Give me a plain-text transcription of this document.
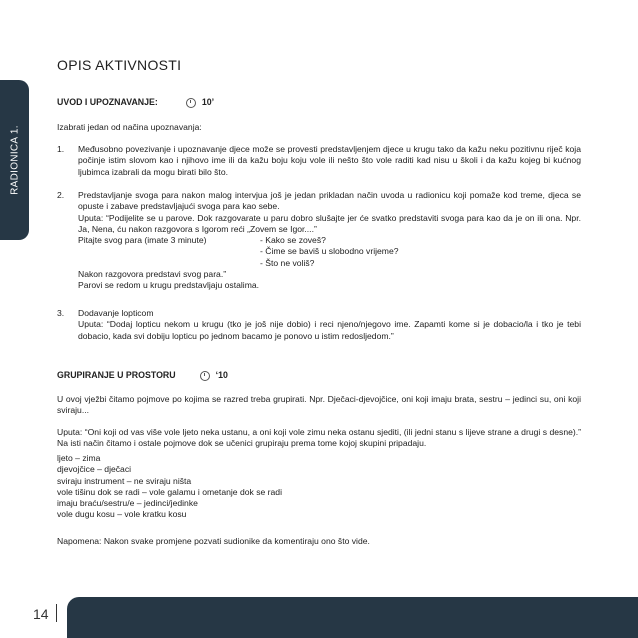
RADIONICA 1.
OPIS AKTIVNOSTI
UVOD I UPOZNAVANJE:	10’
Izabrati jedan od načina upoznavanja:
1.	Međusobno povezivanje i upoznavanje djece može se provesti predstavljenjem djece u krugu tako da kažu neku pozitivnu riječ koja počinje istim slovom kao i njihovo ime ili da kažu boju koju vole ili nešto što vole raditi kad nisu u školi i da kažu kojeg bi kućnog ljubimca izabrali da mogu birati bilo što.
2.	Predstavljanje svoga para nakon malog intervjua još je jedan prikladan način uvoda u radionicu koji pomaže kod treme, djeca se opuste i zabave predstavljajući svoga para kao sebe.
Uputa: “Podijelite se u parove. Dok razgovarate u paru dobro slušajte jer će svatko predstaviti svoga para kao da je on ili ona. Npr. Ja, Nena, ću nakon razgovora s Igorom reći „Zovem se Igor....”
Pitajte svog para (imate 3 minute)	- Kako se zoveš?
- Čime se baviš u slobodno vrijeme?
- Što ne voliš?
Nakon razgovora predstavi svog para.”
Parovi se redom u krugu predstavljaju ostalima.
3.	Dodavanje lopticom
Uputa: “Dodaj lopticu nekom u krugu (tko je još nije dobio) i reci njeno/njegovo ime. Zapamti kome si je dobacio/la i tko je tebi dobacio, kada svi dobiju lopticu po jednom bacamo je ponovo u istim redosljedom.”
GRUPIRANJE U PROSTORU	‘10
U ovoj vježbi čitamo pojmove po kojima se razred treba grupirati. Npr. Dječaci-djevojčice, oni koji imaju brata, sestru – jedinci su, oni koji sviraju...
Uputa: “Oni koji od vas više vole ljeto neka ustanu, a oni koji vole zimu neka ostanu sjediti, (ili jedni stanu s lijeve strane a drugi s desne).” Na isti način čitamo i ostale pojmove dok se učenici grupiraju prema tome kojoj skupini pripadaju.
ljeto – zima
djevojčice – dječaci
sviraju instrument – ne sviraju ništa
vole tišinu dok se radi – vole galamu i ometanje dok se radi
imaju braću/sestru/e – jedinci/jedinke
vole dugu kosu – vole kratku kosu
Napomena: Nakon svake promjene pozvati sudionike da komentiraju ono što vide.
14
